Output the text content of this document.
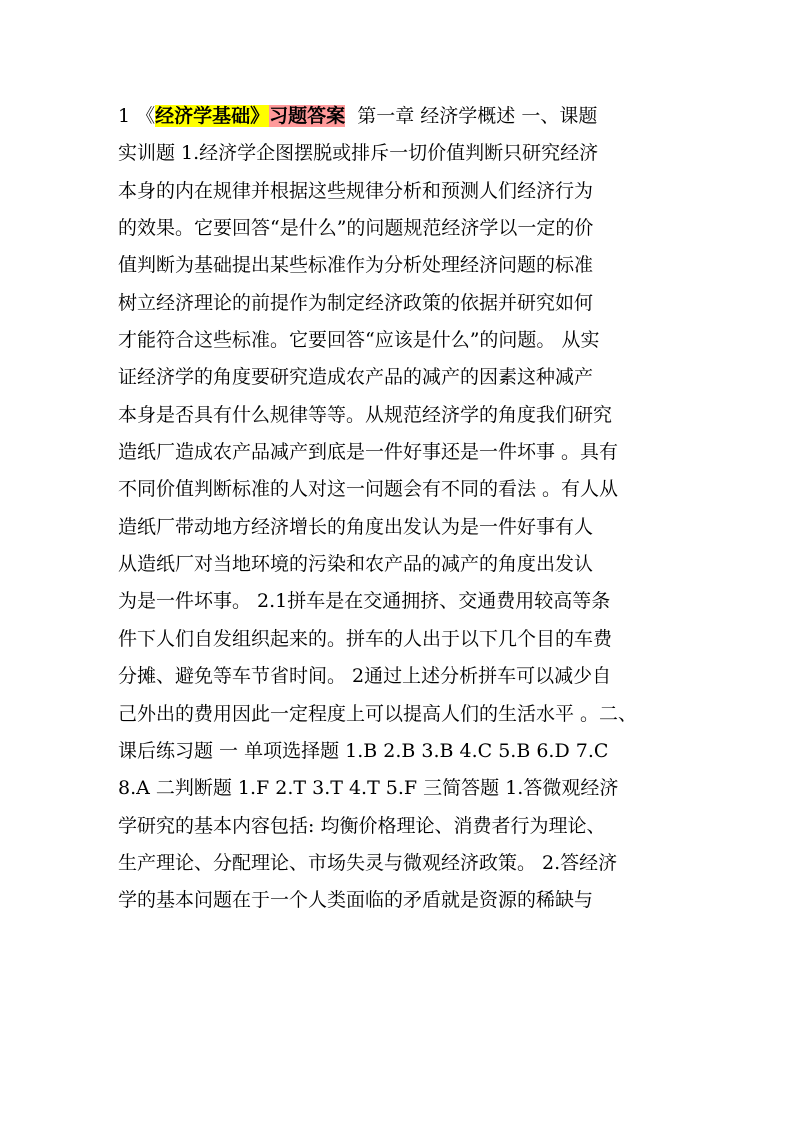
1 《经济学基础》习题答案  第一章 经济学概述 一、课题
实训题 1.经济学企图摆脱或排斥一切价值判断只研究经济
本身的内在规律并根据这些规律分析和预测人们经济行为
的效果。它要回答“是什么”的问题规范经济学以一定的价
值判断为基础提出某些标准作为分析处理经济问题的标准
树立经济理论的前提作为制定经济政策的依据并研究如何
才能符合这些标准。它要回答“应该是什么”的问题。 从实
证经济学的角度要研究造成农产品的减产的因素这种减产
本身是否具有什么规律等等。从规范经济学的角度我们研究
造纸厂造成农产品减产到底是一件好事还是一件坏事 。具有
不同价值判断标准的人对这一问题会有不同的看法 。有人从
造纸厂带动地方经济增长的角度出发认为是一件好事有人
从造纸厂对当地环境的污染和农产品的减产的角度出发认
为是一件坏事。 2.1拼车是在交通拥挤、交通费用较高等条
件下人们自发组织起来的。拼车的人出于以下几个目的车费
分摊、避免等车节省时间。 2通过上述分析拼车可以减少自
己外出的费用因此一定程度上可以提高人们的生活水平 。二、
课后练习题 一 单项选择题 1.B 2.B 3.B 4.C 5.B 6.D 7.C
8.A 二判断题 1.F 2.T 3.T 4.T 5.F 三简答题 1.答微观经济
学研究的基本内容包括: 均衡价格理论、消费者行为理论、
生产理论、分配理论、市场失灵与微观经济政策。 2.答经济
学的基本问题在于一个人类面临的矛盾就是资源的稀缺与
